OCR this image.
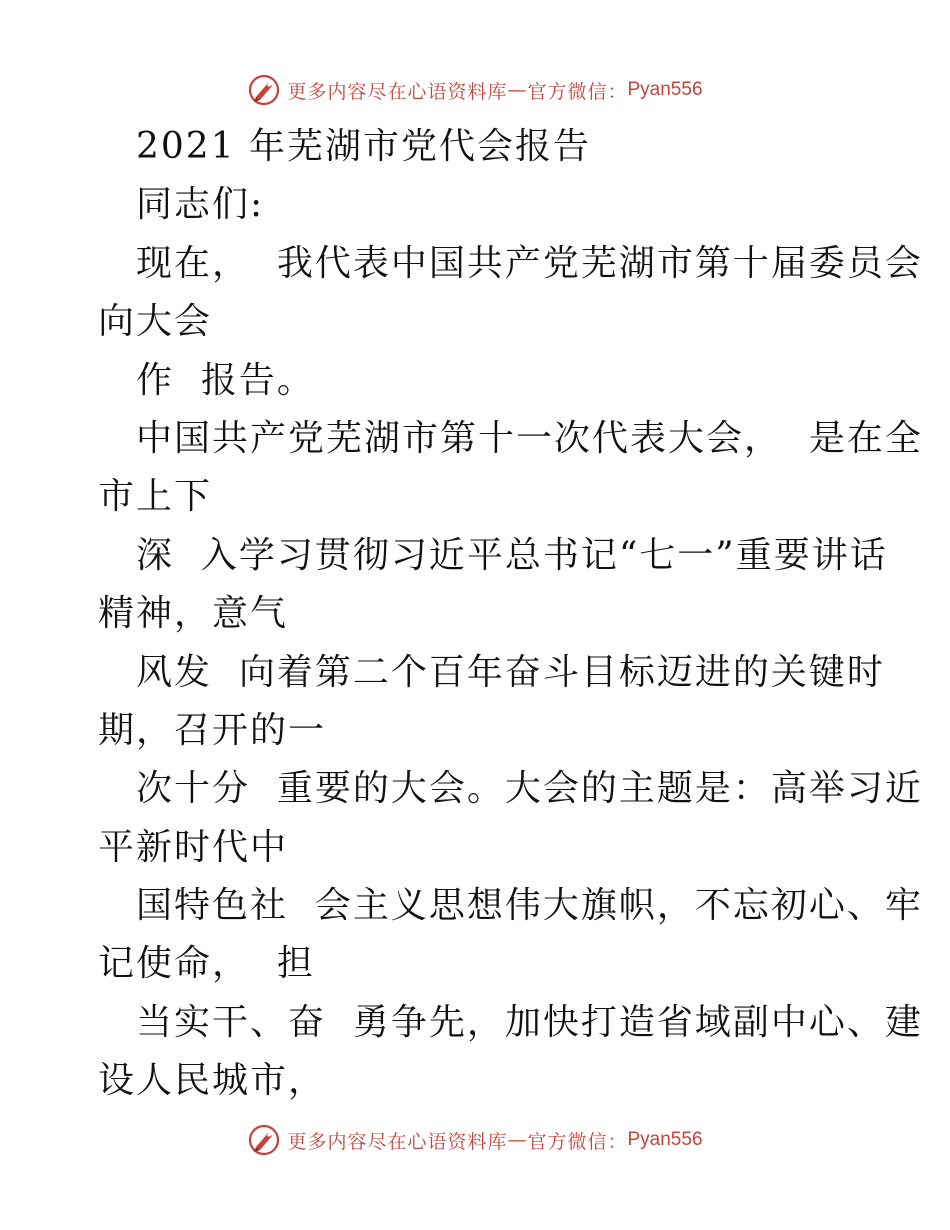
更多内容尽在心语资料库 — 官方微信： Pyan556
2021 年芜湖市党代会报告
同志们:
现在，  我代表中国共产党芜湖市第十届委员会
向大会
作  报告。
中国共产党芜湖市第十一次代表大会，  是在全
市上下
深  入学习贯彻习近平总书记“七一”重要讲话
精神，意气
风发  向着第二个百年奋斗目标迈进的关键时
期，召开的一
次十分  重要的大会。大会的主题是：高举习近
平新时代中
国特色社  会主义思想伟大旗帜，不忘初心、牢
记使命，  担
当实干、奋  勇争先，加快打造省域副中心、建
设人民城市，
更多内容尽在心语资料库 — 官方微信： Pyan556
